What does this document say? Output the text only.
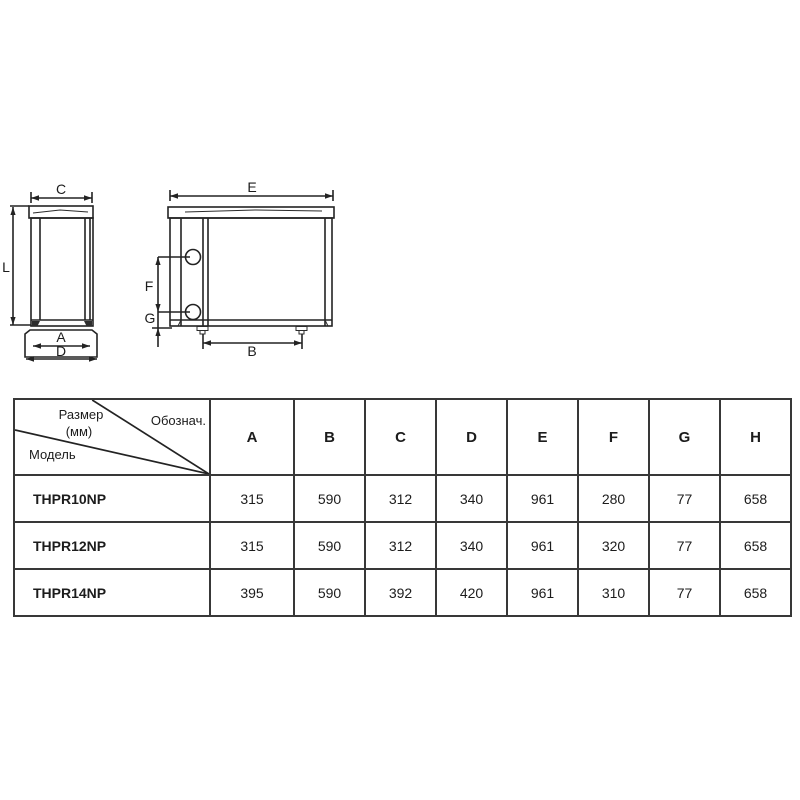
C
A
D
L
E
F
G
B
Размер
(мм)
Обознач.
Модель	A	B	C	D	E	F	G	H
THPR10NP	315	590	312	340	961	280	77	658
THPR12NP	315	590	312	340	961	320	77	658
THPR14NP	395	590	392	420	961	310	77	658
